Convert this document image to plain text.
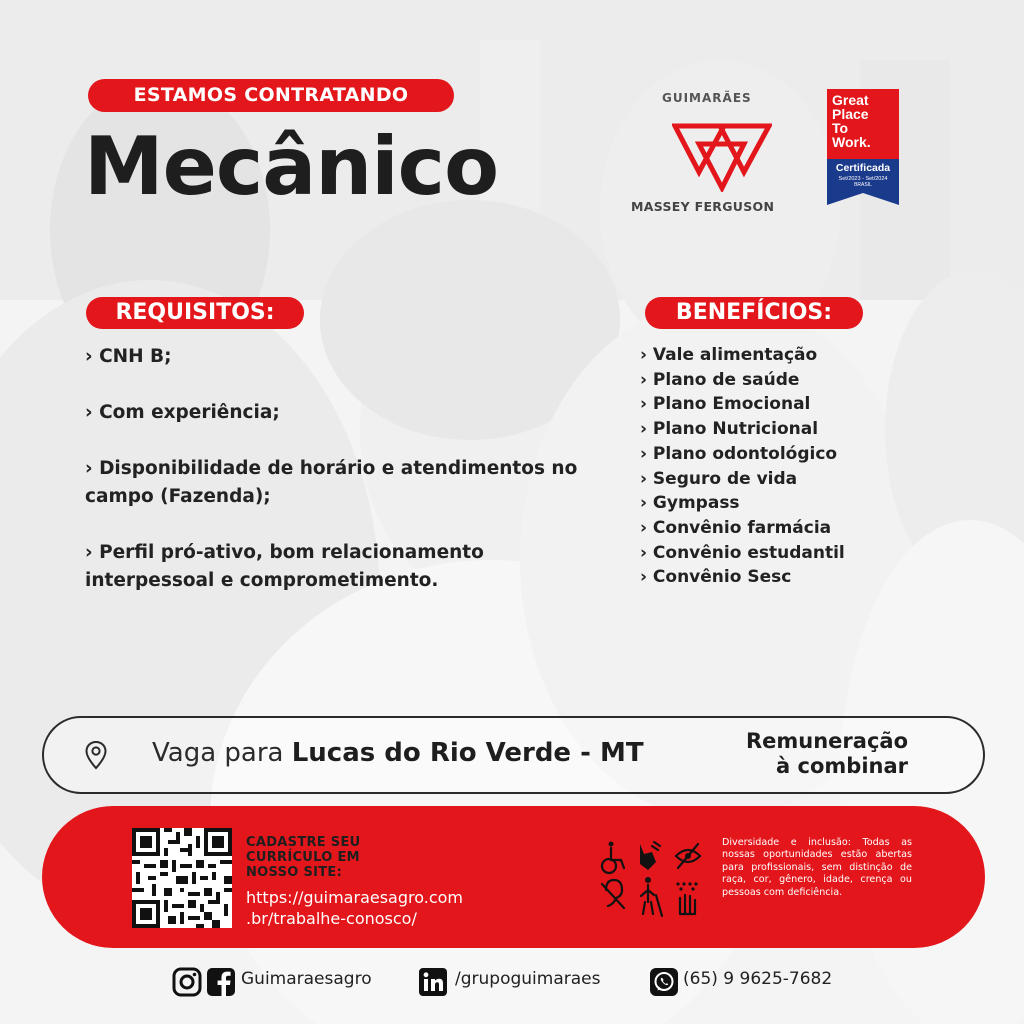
ESTAMOS CONTRATANDO
Mecânico
GUIMARÃES
MASSEY FERGUSON
Great
Place
To
Work.
Certificada
Set/2023 - Set/2024
BRASIL
REQUISITOS:	BENEFÍCIOS:
› CNH B;
› Com experiência;
› Disponibilidade de horário e atendimentos no campo (Fazenda);
› Perfil pró-ativo, bom relacionamento interpessoal e comprometimento.
› Vale alimentação
› Plano de saúde
› Plano Emocional
› Plano Nutricional
› Plano odontológico
› Seguro de vida
› Gympass
› Convênio farmácia
› Convênio estudantil
› Convênio Sesc
Vaga para Lucas do Rio Verde - MT	Remuneração
à combinar
CADASTRE SEU
CURRÍCULO EM
NOSSO SITE:
https://guimaraesagro.com
.br/trabalhe-conosco/
Diversidade e inclusão: Todas as nossas oportunidades estão abertas para profissionais, sem distinção de raça, cor, gênero, idade, crença ou pessoas com deficiência.
Guimaraesagro	/grupoguimaraes	(65) 9 9625-7682
